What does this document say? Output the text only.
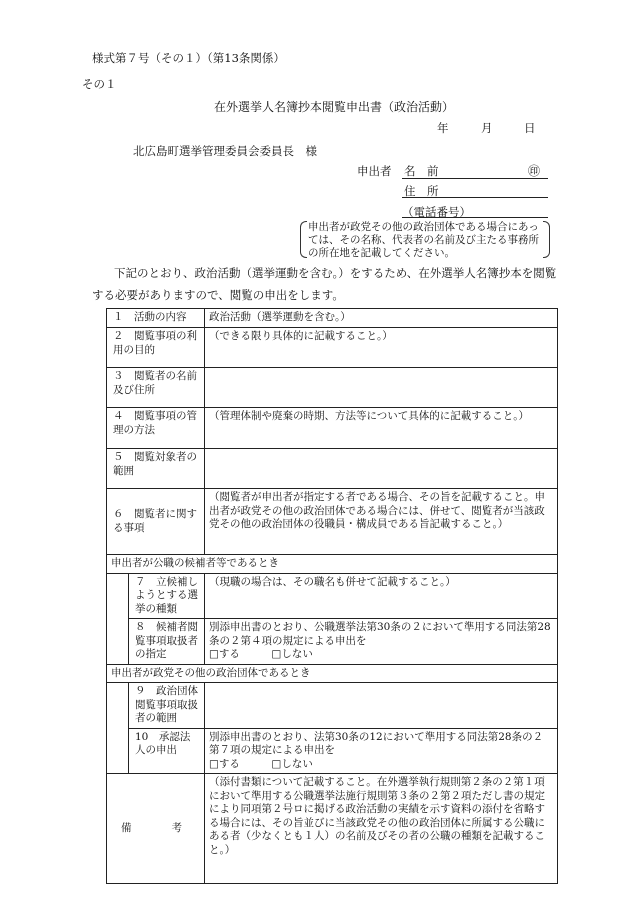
様式第７号（その１）（第13条関係）
その１
在外選挙人名簿抄本閲覧申出書（政治活動）
年	月	日
北広島町選挙管理委員会委員長　様
申出者 名　前	㊞
住　所
（電話番号）
申出者が政党その他の政治団体である場合にあっては、その名称、代表者の名前及び主たる事務所の所在地を記載してください。
下記のとおり、政治活動（選挙運動を含む。）をするため、在外選挙人名簿抄本を閲覧する必要がありますので、閲覧の申出をします。
１　活動の内容		政治活動（選挙運動を含む。）
２　閲覧事項の利用の目的		（できる限り具体的に記載すること。）
３　閲覧者の名前及び住所		
４　閲覧事項の管理の方法		（管理体制や廃棄の時期、方法等について具体的に記載すること。）
５　閲覧対象者の範囲		
６　閲覧者に関する事項		（閲覧者が申出者が指定する者である場合、その旨を記載すること。申出者が政党その他の政治団体である場合には、併せて、閲覧者が当該政党その他の政治団体の役職員・構成員である旨記載すること。）
申出者が公職の候補者等であるとき		
	７　立候補しようとする選挙の種類	（現職の場合は、その職名も併せて記載すること。）
	８　候補者閲覧事項取扱者の指定	別添申出書のとおり、公職選挙法第30条の２において準用する同法第28条の２第４項の規定による申出を
□する　　　□しない

申出者が政党その他の政治団体であるとき		
	９　政治団体閲覧事項取扱者の範囲	
	10　承認法人の申出	別添申出書のとおり、法第30条の12において準用する同法第28条の２第７項の規定による申出を
□する　　　□しない

備 考		（添付書類について記載すること。在外選挙執行規則第２条の２第１項において準用する公職選挙法施行規則第３条の２第２項ただし書の規定により同項第２号ロに掲げる政治活動の実績を示す資料の添付を省略する場合には、その旨並びに当該政党その他の政治団体に所属する公職にある者（少なくとも１人）の名前及びその者の公職の種類を記載すること。）
